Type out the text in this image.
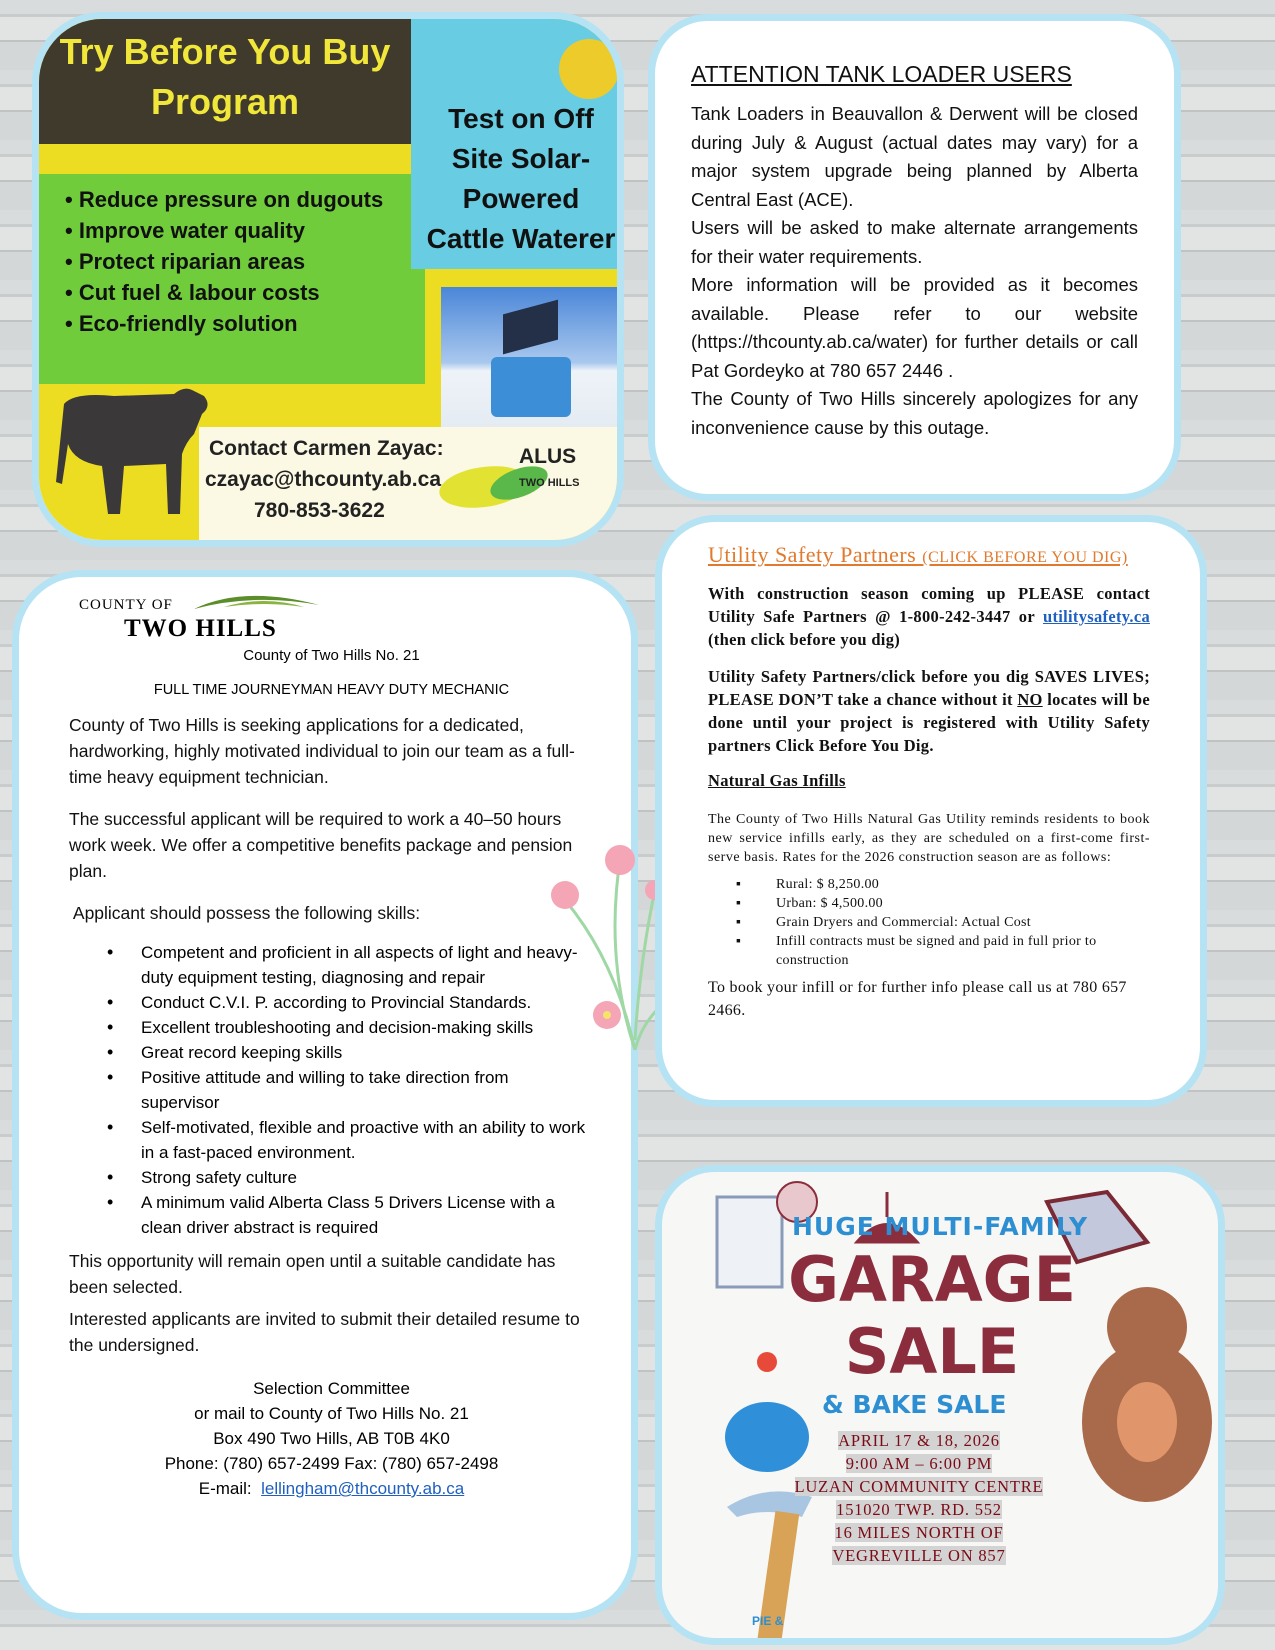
Try Before You Buy
Program
• Reduce pressure on dugouts
• Improve water quality
• Protect riparian areas
• Cut fuel & labour costs
• Eco-friendly solution
Test on Off
Site Solar-
Powered
Cattle Waterer
Contact Carmen Zayac:
czayac@thcounty.ab.ca
780-853-3622
ALUS
TWO HILLS
ATTENTION TANK LOADER USERS

Tank Loaders in Beauvallon & Derwent will be closed during July & August (actual dates may vary) for a major system upgrade being planned by Alberta Central East (ACE).

Users will be asked to make alternate arrangements for their water requirements.

More information will be provided as it becomes available. Please refer to our website (https://thcounty.ab.ca/water) for further details or call Pat Gordeyko at 780 657 2446 .

The County of Two Hills sincerely apologizes for any inconvenience cause by this outage.

COUNTY OF
TWO HILLS
County of Two Hills No. 21
FULL TIME JOURNEYMAN HEAVY DUTY MECHANIC

County of Two Hills is seeking applications for a dedicated, hardworking, highly motivated individual to join our team as a full-time heavy equipment technician.

The successful applicant will be required to work a 40–50 hours work week. We offer a competitive benefits package and pension plan.

Applicant should possess the following skills:

• Competent and proficient in all aspects of light and heavy-duty equipment testing, diagnosing and repair
• Conduct C.V.I. P. according to Provincial Standards.
• Excellent troubleshooting and decision-making skills
• Great record keeping skills
• Positive attitude and willing to take direction from supervisor
• Self-motivated, flexible and proactive with an ability to work in a fast-paced environment.
• Strong safety culture
• A minimum valid Alberta Class 5 Drivers License with a clean driver abstract is required

This opportunity will remain open until a suitable candidate has been selected.

Interested applicants are invited to submit their detailed resume to the undersigned.

Selection Committee
or mail to County of Two Hills No. 21
Box 490 Two Hills, AB T0B 4K0
Phone: (780) 657-2499 Fax: (780) 657-2498
E-mail:  lellingham@thcounty.ab.ca
Utility Safety Partners (CLICK BEFORE YOU DIG)

With construction season coming up PLEASE contact Utility Safe Partners @ 1-800-242-3447 or utilitysafety.ca (then click before you dig)

Utility Safety Partners/click before you dig SAVES LIVES; PLEASE DON’T take a chance without it NO locates will be done until your project is registered with Utility Safety partners Click Before You Dig.

Natural Gas Infills

The County of Two Hills Natural Gas Utility reminds residents to book new service infills early, as they are scheduled on a first-come first-serve basis. Rates for the 2026 construction season are as follows:

▪ Rural: $ 8,250.00
▪ Urban: $ 4,500.00
▪ Grain Dryers and Commercial: Actual Cost
▪ Infill contracts must be signed and paid in full prior to construction

To book your infill or for further info please call us at 780 657 2466.

HUGE MULTI-FAMILY
GARAGE
SALE
& BAKE SALE
APRIL 17 & 18, 2026
9:00 AM – 6:00 PM
LUZAN COMMUNITY CENTRE
151020 TWP. RD. 552
16 MILES NORTH OF
VEGREVILLE ON 857
PIE &
